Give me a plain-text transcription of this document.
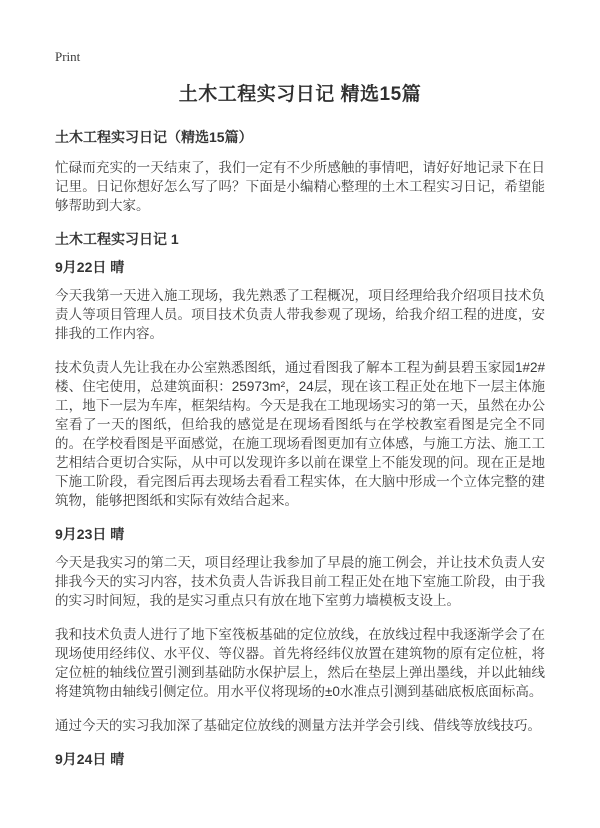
Print
土木工程实习日记 精选15篇
土木工程实习日记（精选15篇）

忙碌而充实的一天结束了，我们一定有不少所感触的事情吧，请好好地记录下在日记里。日记你想好怎么写了吗？下面是小编精心整理的土木工程实习日记，希望能够帮助到大家。

土木工程实习日记 1
9月22日 晴

今天我第一天进入施工现场，我先熟悉了工程概况，项目经理给我介绍项目技术负责人等项目管理人员。项目技术负责人带我参观了现场，给我介绍工程的进度，安排我的工作内容。

技术负责人先让我在办公室熟悉图纸，通过看图我了解本工程为蓟县碧玉家园1#2#楼、住宅使用，总建筑面积：25973m²，24层，现在该工程正处在地下一层主体施工，地下一层为车库，框架结构。今天是我在工地现场实习的第一天，虽然在办公室看了一天的图纸，但给我的感觉是在现场看图纸与在学校教室看图是完全不同的。在学校看图是平面感觉，在施工现场看图更加有立体感，与施工方法、施工工艺相结合更切合实际，从中可以发现许多以前在课堂上不能发现的问。现在正是地下施工阶段，看完图后再去现场去看看工程实体，在大脑中形成一个立体完整的建筑物，能够把图纸和实际有效结合起来。

9月23日 晴

今天是我实习的第二天，项目经理让我参加了早晨的施工例会，并让技术负责人安排我今天的实习内容，技术负责人告诉我目前工程正处在地下室施工阶段，由于我的实习时间短，我的是实习重点只有放在地下室剪力墙模板支设上。

我和技术负责人进行了地下室筏板基础的定位放线，在放线过程中我逐渐学会了在现场使用经纬仪、水平仪、等仪器。首先将经纬仪放置在建筑物的原有定位桩，将定位桩的轴线位置引测到基础防水保护层上，然后在垫层上弹出墨线，并以此轴线将建筑物由轴线引侧定位。用水平仪将现场的±0水准点引测到基础底板底面标高。

通过今天的实习我加深了基础定位放线的测量方法并学会引线、借线等放线技巧。

9月24日 晴
